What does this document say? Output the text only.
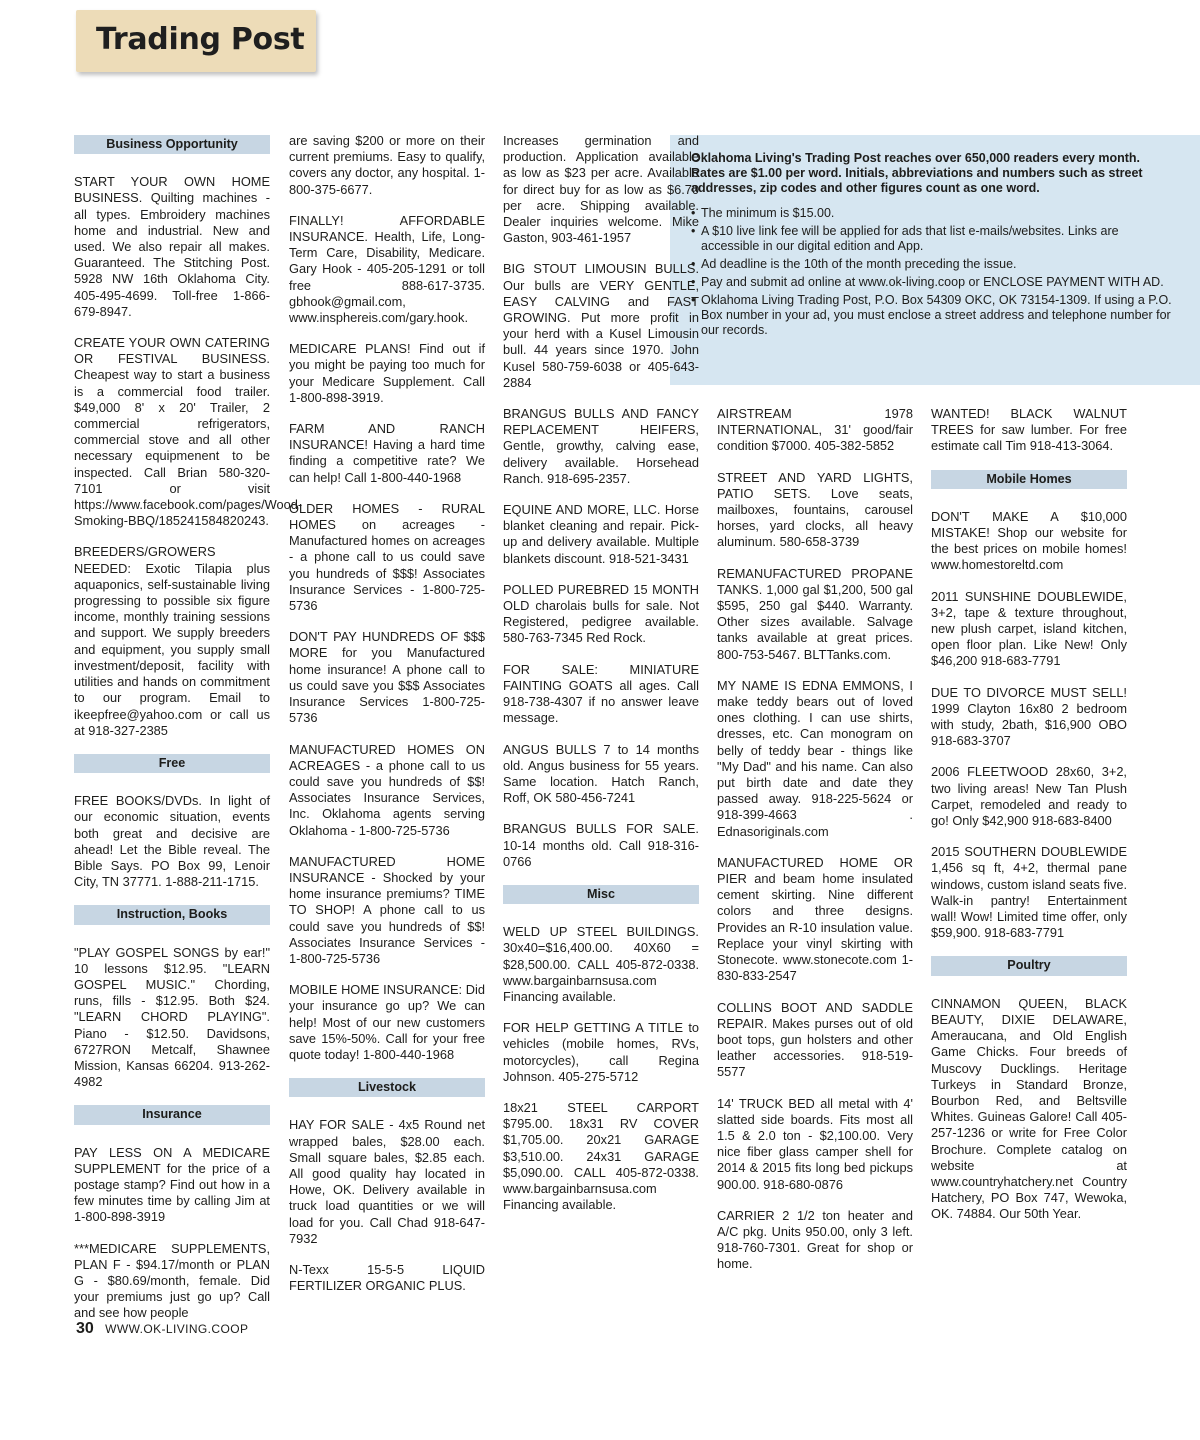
Trading Post

Oklahoma Living's Trading Post reaches over 650,000 readers every month. Rates are $1.00 per word. Initials, abbreviations and numbers such as street addresses, zip codes and other figures count as one word.

• The minimum is $15.00.
• A $10 live link fee will be applied for ads that list e-mails/websites. Links are accessible in our digital edition and App.
• Ad deadline is the 10th of the month preceding the issue.
• Pay and submit ad online at www.ok-living.coop or ENCLOSE PAYMENT WITH AD.
• Oklahoma Living Trading Post, P.O. Box 54309 OKC, OK 73154-1309. If using a P.O. Box number in your ad, you must enclose a street address and telephone number for our records.
Business Opportunity

START YOUR OWN HOME BUSINESS. Quilting machines - all types. Embroidery machines home and industrial. New and used. We also repair all makes. Guaranteed. The Stitching Post. 5928 NW 16th Oklahoma City. 405-495-4699. Toll-free 1-866-679-8947.

CREATE YOUR OWN CATERING OR FESTIVAL BUSINESS. Cheapest way to start a business is a commercial food trailer. $49,000 8' x 20' Trailer, 2 commercial refrigerators, commercial stove and all other necessary equipmenent to be inspected. Call Brian 580-320-7101 or visit https://www.facebook.com/pages/Wood-Smoking-BBQ/185241584820243.

BREEDERS/GROWERS NEEDED: Exotic Tilapia plus aquaponics, self-sustainable living progressing to possible six figure income, monthly training sessions and support. We supply breeders and equipment, you supply small investment/deposit, facility with utilities and hands on commitment to our program. Email to ikeepfree@yahoo.com or call us at 918-327-2385

Free

FREE BOOKS/DVDs. In light of our economic situation, events both great and decisive are ahead! Let the Bible reveal. The Bible Says. PO Box 99, Lenoir City, TN 37771. 1-888-211-1715.

Instruction, Books

"PLAY GOSPEL SONGS by ear!" 10 lessons $12.95. "LEARN GOSPEL MUSIC." Chording, runs, fills - $12.95. Both $24. "LEARN CHORD PLAYING". Piano - $12.50. Davidsons, 6727RON Metcalf, Shawnee Mission, Kansas 66204. 913-262-4982

Insurance

PAY LESS ON A MEDICARE SUPPLEMENT for the price of a postage stamp? Find out how in a few minutes time by calling Jim at 1-800-898-3919

***MEDICARE SUPPLEMENTS, PLAN F - $94.17/month or PLAN G - $80.69/month, female. Did your premiums just go up? Call and see how people

are saving $200 or more on their current premiums. Easy to qualify, covers any doctor, any hospital. 1-800-375-6677.

FINALLY! AFFORDABLE INSURANCE. Health, Life, Long-Term Care, Disability, Medicare. Gary Hook - 405-205-1291 or toll free 888-617-3735. gbhook@gmail.com, www.insphereis.com/gary.hook.

MEDICARE PLANS! Find out if you might be paying too much for your Medicare Supplement. Call 1-800-898-3919.

FARM AND RANCH INSURANCE! Having a hard time finding a competitive rate? We can help! Call 1-800-440-1968

OLDER HOMES - RURAL HOMES on acreages - Manufactured homes on acreages - a phone call to us could save you hundreds of $$$! Associates Insurance Services - 1-800-725-5736

DON'T PAY HUNDREDS OF $$$ MORE for you Manufactured home insurance! A phone call to us could save you $$$ Associates Insurance Services 1-800-725-5736

MANUFACTURED HOMES ON ACREAGES - a phone call to us could save you hundreds of $$! Associates Insurance Services, Inc. Oklahoma agents serving Oklahoma - 1-800-725-5736

MANUFACTURED HOME INSURANCE - Shocked by your home insurance premiums? TIME TO SHOP! A phone call to us could save you hundreds of $$! Associates Insurance Services - 1-800-725-5736

MOBILE HOME INSURANCE: Did your insurance go up? We can help! Most of our new customers save 15%-50%. Call for your free quote today! 1-800-440-1968

Livestock

HAY FOR SALE - 4x5 Round net wrapped bales, $28.00 each. Small square bales, $2.85 each. All good quality hay located in Howe, OK. Delivery available in truck load quantities or we will load for you. Call Chad 918-647-7932

N-Texx 15-5-5 LIQUID FERTILIZER ORGANIC PLUS.

Increases germination and production. Application available as low as $23 per acre. Available for direct buy for as low as $6.70 per acre. Shipping available. Dealer inquiries welcome. Mike Gaston, 903-461-1957

BIG STOUT LIMOUSIN BULLS. Our bulls are VERY GENTLE, EASY CALVING and FAST GROWING. Put more profit in your herd with a Kusel Limousin bull. 44 years since 1970. John Kusel 580-759-6038 or 405-643-2884

BRANGUS BULLS AND FANCY REPLACEMENT HEIFERS, Gentle, growthy, calving ease, delivery available. Horsehead Ranch. 918-695-2357.

EQUINE AND MORE, LLC. Horse blanket cleaning and repair. Pick-up and delivery available. Multiple blankets discount. 918-521-3431

POLLED PUREBRED 15 MONTH OLD charolais bulls for sale. Not Registered, pedigree available. 580-763-7345 Red Rock.

FOR SALE: MINIATURE FAINTING GOATS all ages. Call 918-738-4307 if no answer leave message.

ANGUS BULLS 7 to 14 months old. Angus business for 55 years. Same location. Hatch Ranch, Roff, OK 580-456-7241

BRANGUS BULLS FOR SALE. 10-14 months old. Call 918-316-0766

Misc

WELD UP STEEL BUILDINGS. 30x40=$16,400.00. 40X60 = $28,500.00. CALL 405-872-0338. www.bargainbarnsusa.com Financing available.

FOR HELP GETTING A TITLE to vehicles (mobile homes, RVs, motorcycles), call Regina Johnson. 405-275-5712

18x21 STEEL CARPORT $795.00. 18x31 RV COVER $1,705.00. 20x21 GARAGE $3,510.00. 24x31 GARAGE $5,090.00. CALL 405-872-0338. www.bargainbarnsusa.com Financing available.

AIRSTREAM 1978 INTERNATIONAL, 31' good/fair condition $7000. 405-382-5852

STREET AND YARD LIGHTS, PATIO SETS. Love seats, mailboxes, fountains, carousel horses, yard clocks, all heavy aluminum. 580-658-3739

REMANUFACTURED PROPANE TANKS. 1,000 gal $1,200, 500 gal $595, 250 gal $440. Warranty. Other sizes available. Salvage tanks available at great prices. 800-753-5467. BLTTanks.com.

MY NAME IS EDNA EMMONS, I make teddy bears out of loved ones clothing. I can use shirts, dresses, etc. Can monogram on belly of teddy bear - things like "My Dad" and his name. Can also put birth date and date they passed away. 918-225-5624 or 918-399-4663 . Ednasoriginals.com

MANUFACTURED HOME OR PIER and beam home insulated cement skirting. Nine different colors and three designs. Provides an R-10 insulation value. Replace your vinyl skirting with Stonecote. www.stonecote.com 1-830-833-2547

COLLINS BOOT AND SADDLE REPAIR. Makes purses out of old boot tops, gun holsters and other leather accessories. 918-519-5577

14' TRUCK BED all metal with 4' slatted side boards. Fits most all 1.5 & 2.0 ton - $2,100.00. Very nice fiber glass camper shell for 2014 & 2015 fits long bed pickups 900.00. 918-680-0876

CARRIER 2 1/2 ton heater and A/C pkg. Units 950.00, only 3 left. 918-760-7301. Great for shop or home.

WANTED! BLACK WALNUT TREES for saw lumber. For free estimate call Tim 918-413-3064.

Mobile Homes

DON'T MAKE A $10,000 MISTAKE! Shop our website for the best prices on mobile homes! www.homestoreltd.com

2011 SUNSHINE DOUBLEWIDE, 3+2, tape & texture throughout, new plush carpet, island kitchen, open floor plan. Like New! Only $46,200 918-683-7791

DUE TO DIVORCE MUST SELL! 1999 Clayton 16x80 2 bedroom with study, 2bath, $16,900 OBO 918-683-3707

2006 FLEETWOOD 28x60, 3+2, two living areas! New Tan Plush Carpet, remodeled and ready to go! Only $42,900 918-683-8400

2015 SOUTHERN DOUBLEWIDE 1,456 sq ft, 4+2, thermal pane windows, custom island seats five. Walk-in pantry! Entertainment wall! Wow! Limited time offer, only $59,900. 918-683-7791

Poultry

CINNAMON QUEEN, BLACK BEAUTY, DIXIE DELAWARE, Ameraucana, and Old English Game Chicks. Four breeds of Muscovy Ducklings. Heritage Turkeys in Standard Bronze, Bourbon Red, and Beltsville Whites. Guineas Galore! Call 405-257-1236 or write for Free Color Brochure. Complete catalog on website at www.countryhatchery.net Country Hatchery, PO Box 747, Wewoka, OK. 74884. Our 50th Year.

30 WWW.OK-LIVING.COOP
